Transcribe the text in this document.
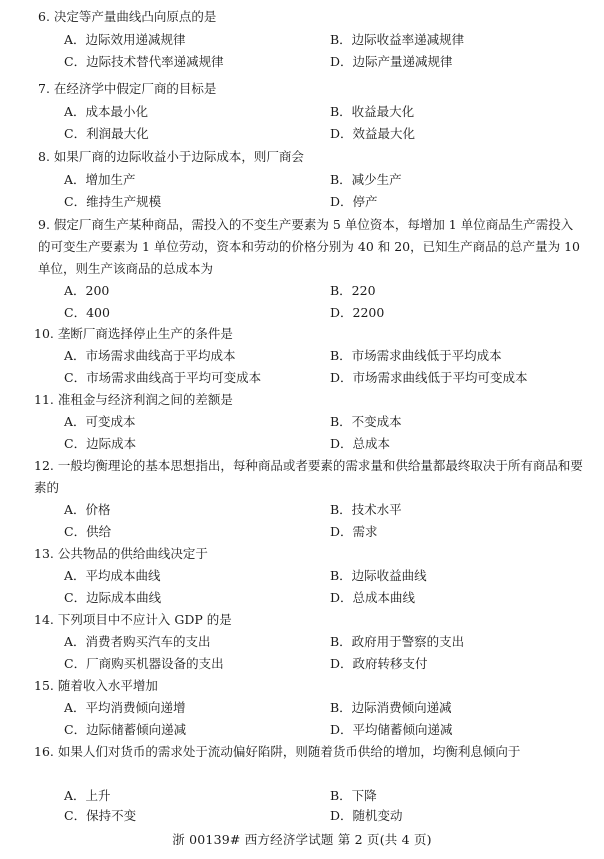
6. 决定等产量曲线凸向原点的是
A．边际效用递减规律	B．边际收益率递减规律
C．边际技术替代率递减规律	D．边际产量递减规律
7. 在经济学中假定厂商的目标是
A．成本最小化	B．收益最大化
C．利润最大化	D．效益最大化
8. 如果厂商的边际收益小于边际成本，则厂商会
A．增加生产	B．减少生产
C．维持生产规模	D．停产
9. 假定厂商生产某种商品，需投入的不变生产要素为 5 单位资本，每增加 1 单位商品生产需投入的可变生产要素为 1 单位劳动，资本和劳动的价格分别为 40 和 20，已知生产商品的总产量为 10 单位，则生产该商品的总成本为
A．200	B．220
C．400	D．2200
10. 垄断厂商选择停止生产的条件是
A．市场需求曲线高于平均成本	B．市场需求曲线低于平均成本
C．市场需求曲线高于平均可变成本	D．市场需求曲线低于平均可变成本
11. 准租金与经济利润之间的差额是
A．可变成本	B．不变成本
C．边际成本	D．总成本
12. 一般均衡理论的基本思想指出，每种商品或者要素的需求量和供给量都最终取决于所有商品和要素的
A．价格	B．技术水平
C．供给	D．需求
13. 公共物品的供给曲线决定于
A．平均成本曲线	B．边际收益曲线
C．边际成本曲线	D．总成本曲线
14. 下列项目中不应计入 GDP 的是
A．消费者购买汽车的支出	B．政府用于警察的支出
C．厂商购买机器设备的支出	D．政府转移支付
15. 随着收入水平增加
A．平均消费倾向递增	B．边际消费倾向递减
C．边际储蓄倾向递减	D．平均储蓄倾向递减
16. 如果人们对货币的需求处于流动偏好陷阱，则随着货币供给的增加，均衡利息倾向于
A．上升	B．下降
C．保持不变	D．随机变动
浙 00139# 西方经济学试题 第 2 页(共 4 页)
